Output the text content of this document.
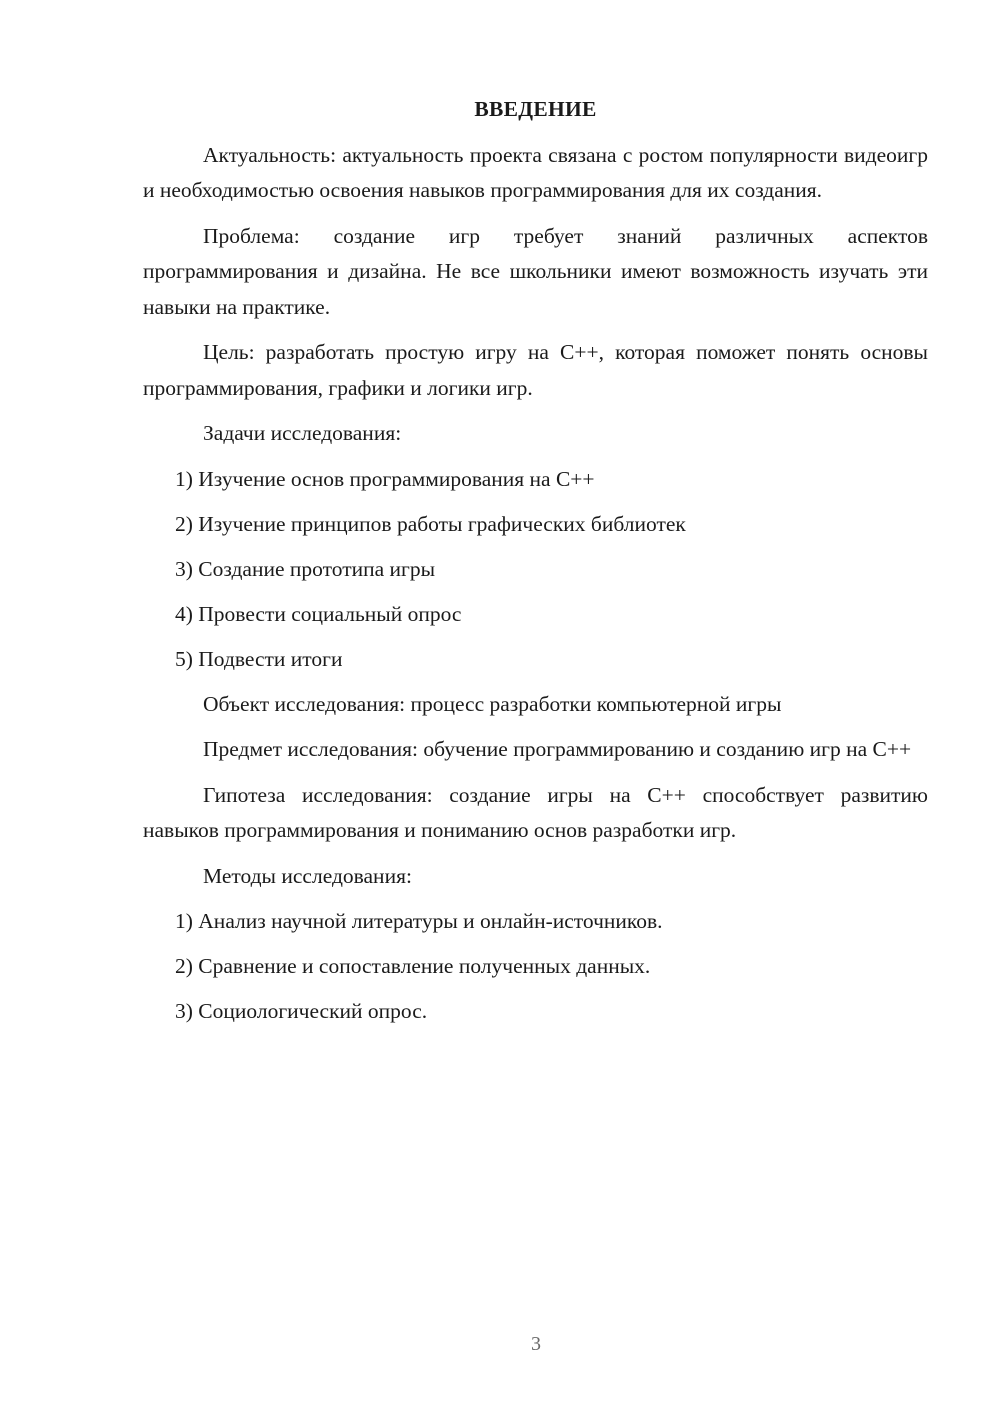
ВВЕДЕНИЕ

Актуальность: актуальность проекта связана с ростом популярности видеоигр и необходимостью освоения навыков программирования для их создания.

Проблема: создание игр требует знаний различных аспектов программирования и дизайна. Не все школьники имеют возможность изучать эти навыки на практике.

Цель: разработать простую игру на C++, которая поможет понять основы программирования, графики и логики игр.

Задачи исследования:

1) Изучение основ программирования на C++
2) Изучение принципов работы графических библиотек
3) Создание прототипа игры
4) Провести социальный опрос
5) Подвести итоги

Объект исследования: процесс разработки компьютерной игры

Предмет исследования: обучение программированию и созданию игр на C++

Гипотеза исследования: создание игры на C++ способствует развитию навыков программирования и пониманию основ разработки игр.

Методы исследования:

1) Анализ научной литературы и онлайн-источников.
2) Сравнение и сопоставление полученных данных.
3) Социологический опрос.
3
